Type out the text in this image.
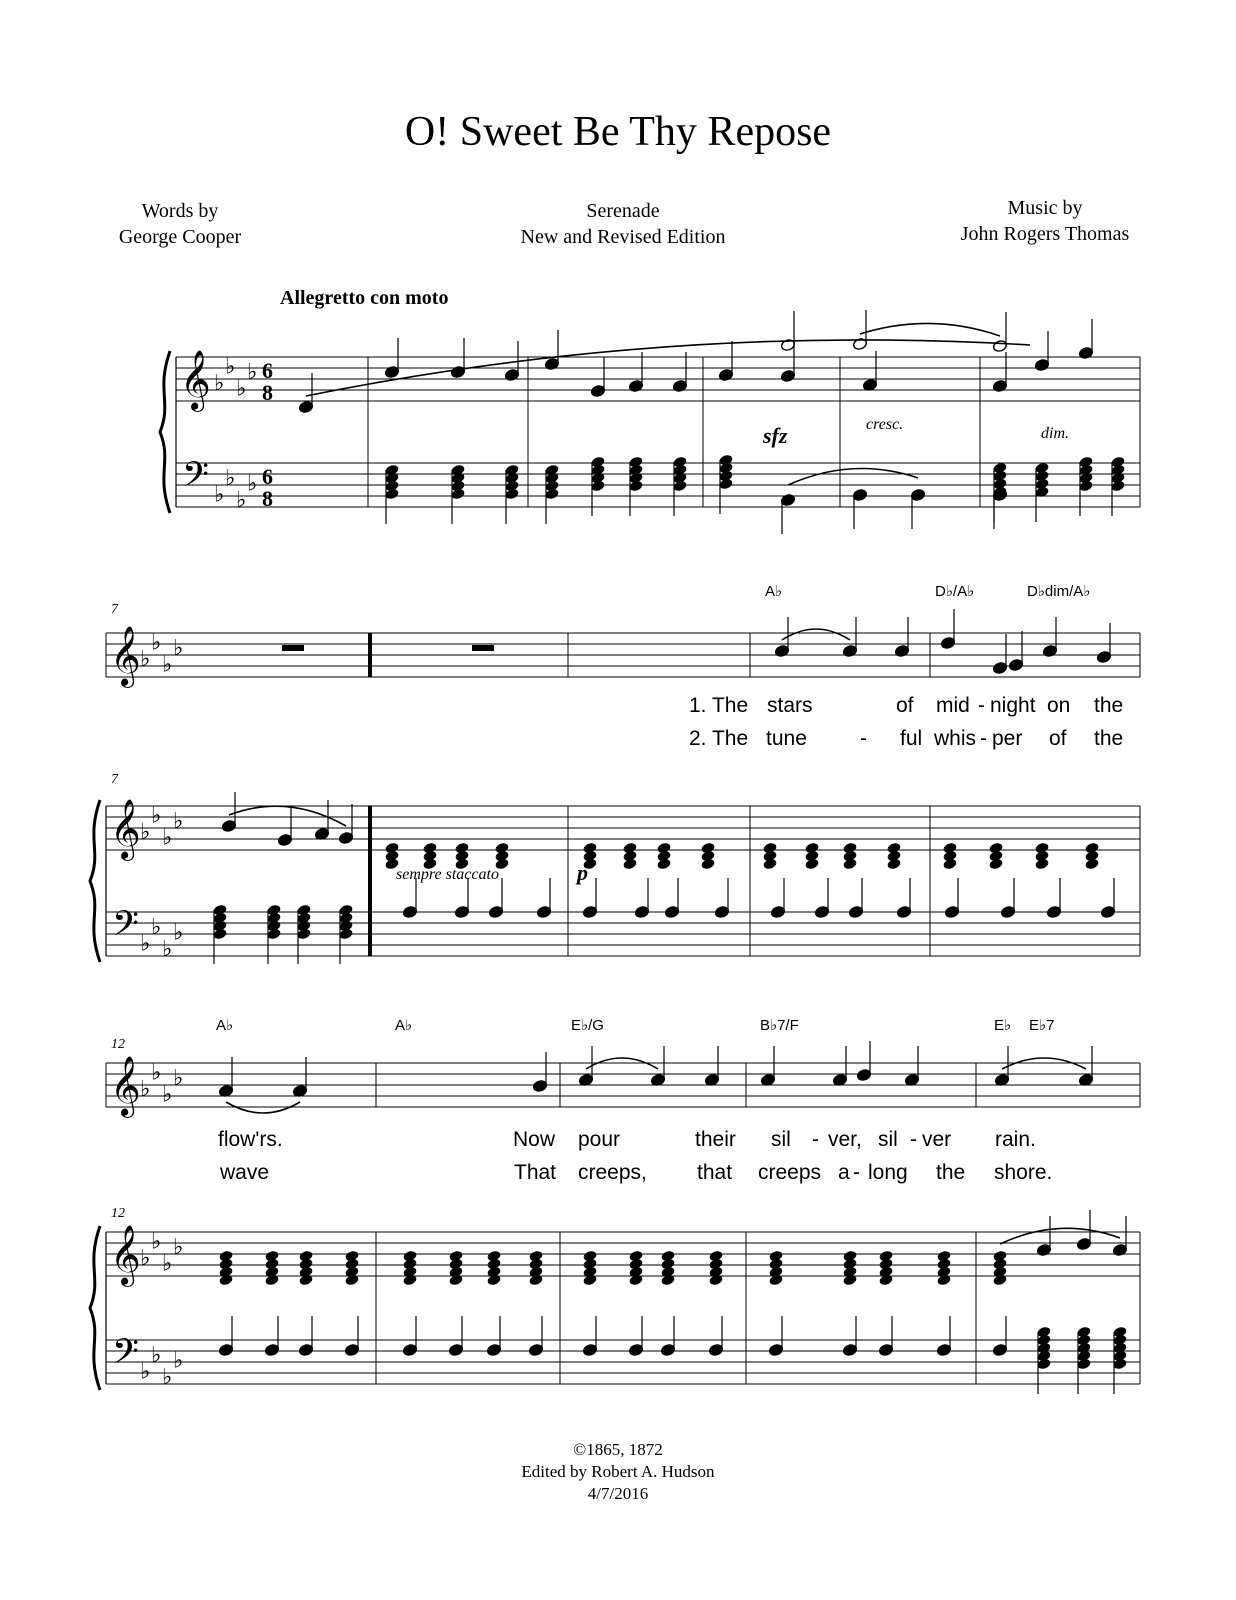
O! Sweet Be Thy Repose
Words by
George Cooper
Serenade
New and Revised Edition
Music by
John Rogers Thomas
Allegretto con moto
𝄞
𝄢
6
8
6
8
𝄞
𝄞
𝄢
𝄞
𝄞
𝄢
♭
♭
♭
♭
♭
♭
♭
♭
♭
♭
♭
♭
♭
♭
♭
♭
♭
♭
♭
♭
♭
♭
♭
♭
♭
♭
♭
♭
♭
♭
♭
♭
sfz	cresc.
dim.
7
7
A♭	D♭/A♭	D♭dim/A♭
1. The stars	of mid - night on the
2. The tune	- ful whis - per of the
sempre staccato	p
12
12
A♭	A♭	E♭/G	B♭7/F	E♭ E♭7
flow'rs.	Now pour	their sil - ver, sil - ver rain.
wave	That creeps, that creeps a - long the shore.
©1865, 1872
Edited by Robert A. Hudson
4/7/2016
